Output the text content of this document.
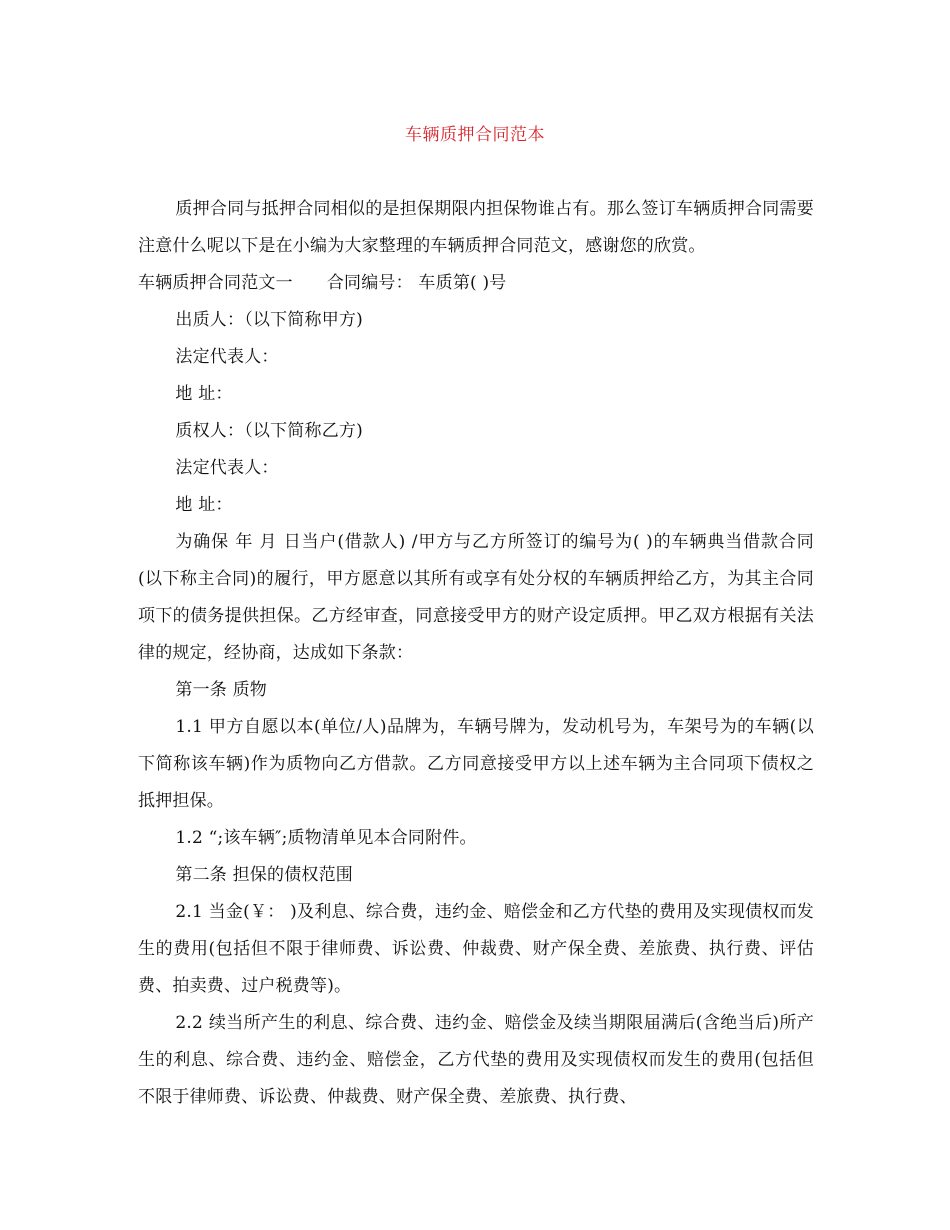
车辆质押合同范本

质押合同与抵押合同相似的是担保期限内担保物谁占有。那么签订车辆质押合同需要注意什么呢以下是在小编为大家整理的车辆质押合同范文，感谢您的欣赏。

车辆质押合同范文一 合同编号： 车质第( )号

出质人：（以下简称甲方)

法定代表人：

地 址：

质权人：（以下简称乙方)

法定代表人：

地 址：

为确保 年 月 日当户(借款人) /甲方与乙方所签订的编号为( )的车辆典当借款合同 (以下称主合同)的履行，甲方愿意以其所有或享有处分权的车辆质押给乙方，为其主合同项下的债务提供担保。乙方经审查，同意接受甲方的财产设定质押。甲乙双方根据有关法律的规定，经协商，达成如下条款：

第一条 质物

1.1 甲方自愿以本(单位/人)品牌为，车辆号牌为，发动机号为，车架号为的车辆(以下简称该车辆)作为质物向乙方借款。乙方同意接受甲方以上述车辆为主合同项下债权之抵押担保。

1.2 “;该车辆″;质物清单见本合同附件。

第二条 担保的债权范围

2.1 当金(￥： )及利息、综合费，违约金、赔偿金和乙方代垫的费用及实现债权而发生的费用(包括但不限于律师费、诉讼费、仲裁费、财产保全费、差旅费、执行费、评估费、拍卖费、过户税费等)。

2.2 续当所产生的利息、综合费、违约金、赔偿金及续当期限届满后(含绝当后)所产生的利息、综合费、违约金、赔偿金，乙方代垫的费用及实现债权而发生的费用(包括但不限于律师费、诉讼费、仲裁费、财产保全费、差旅费、执行费、
